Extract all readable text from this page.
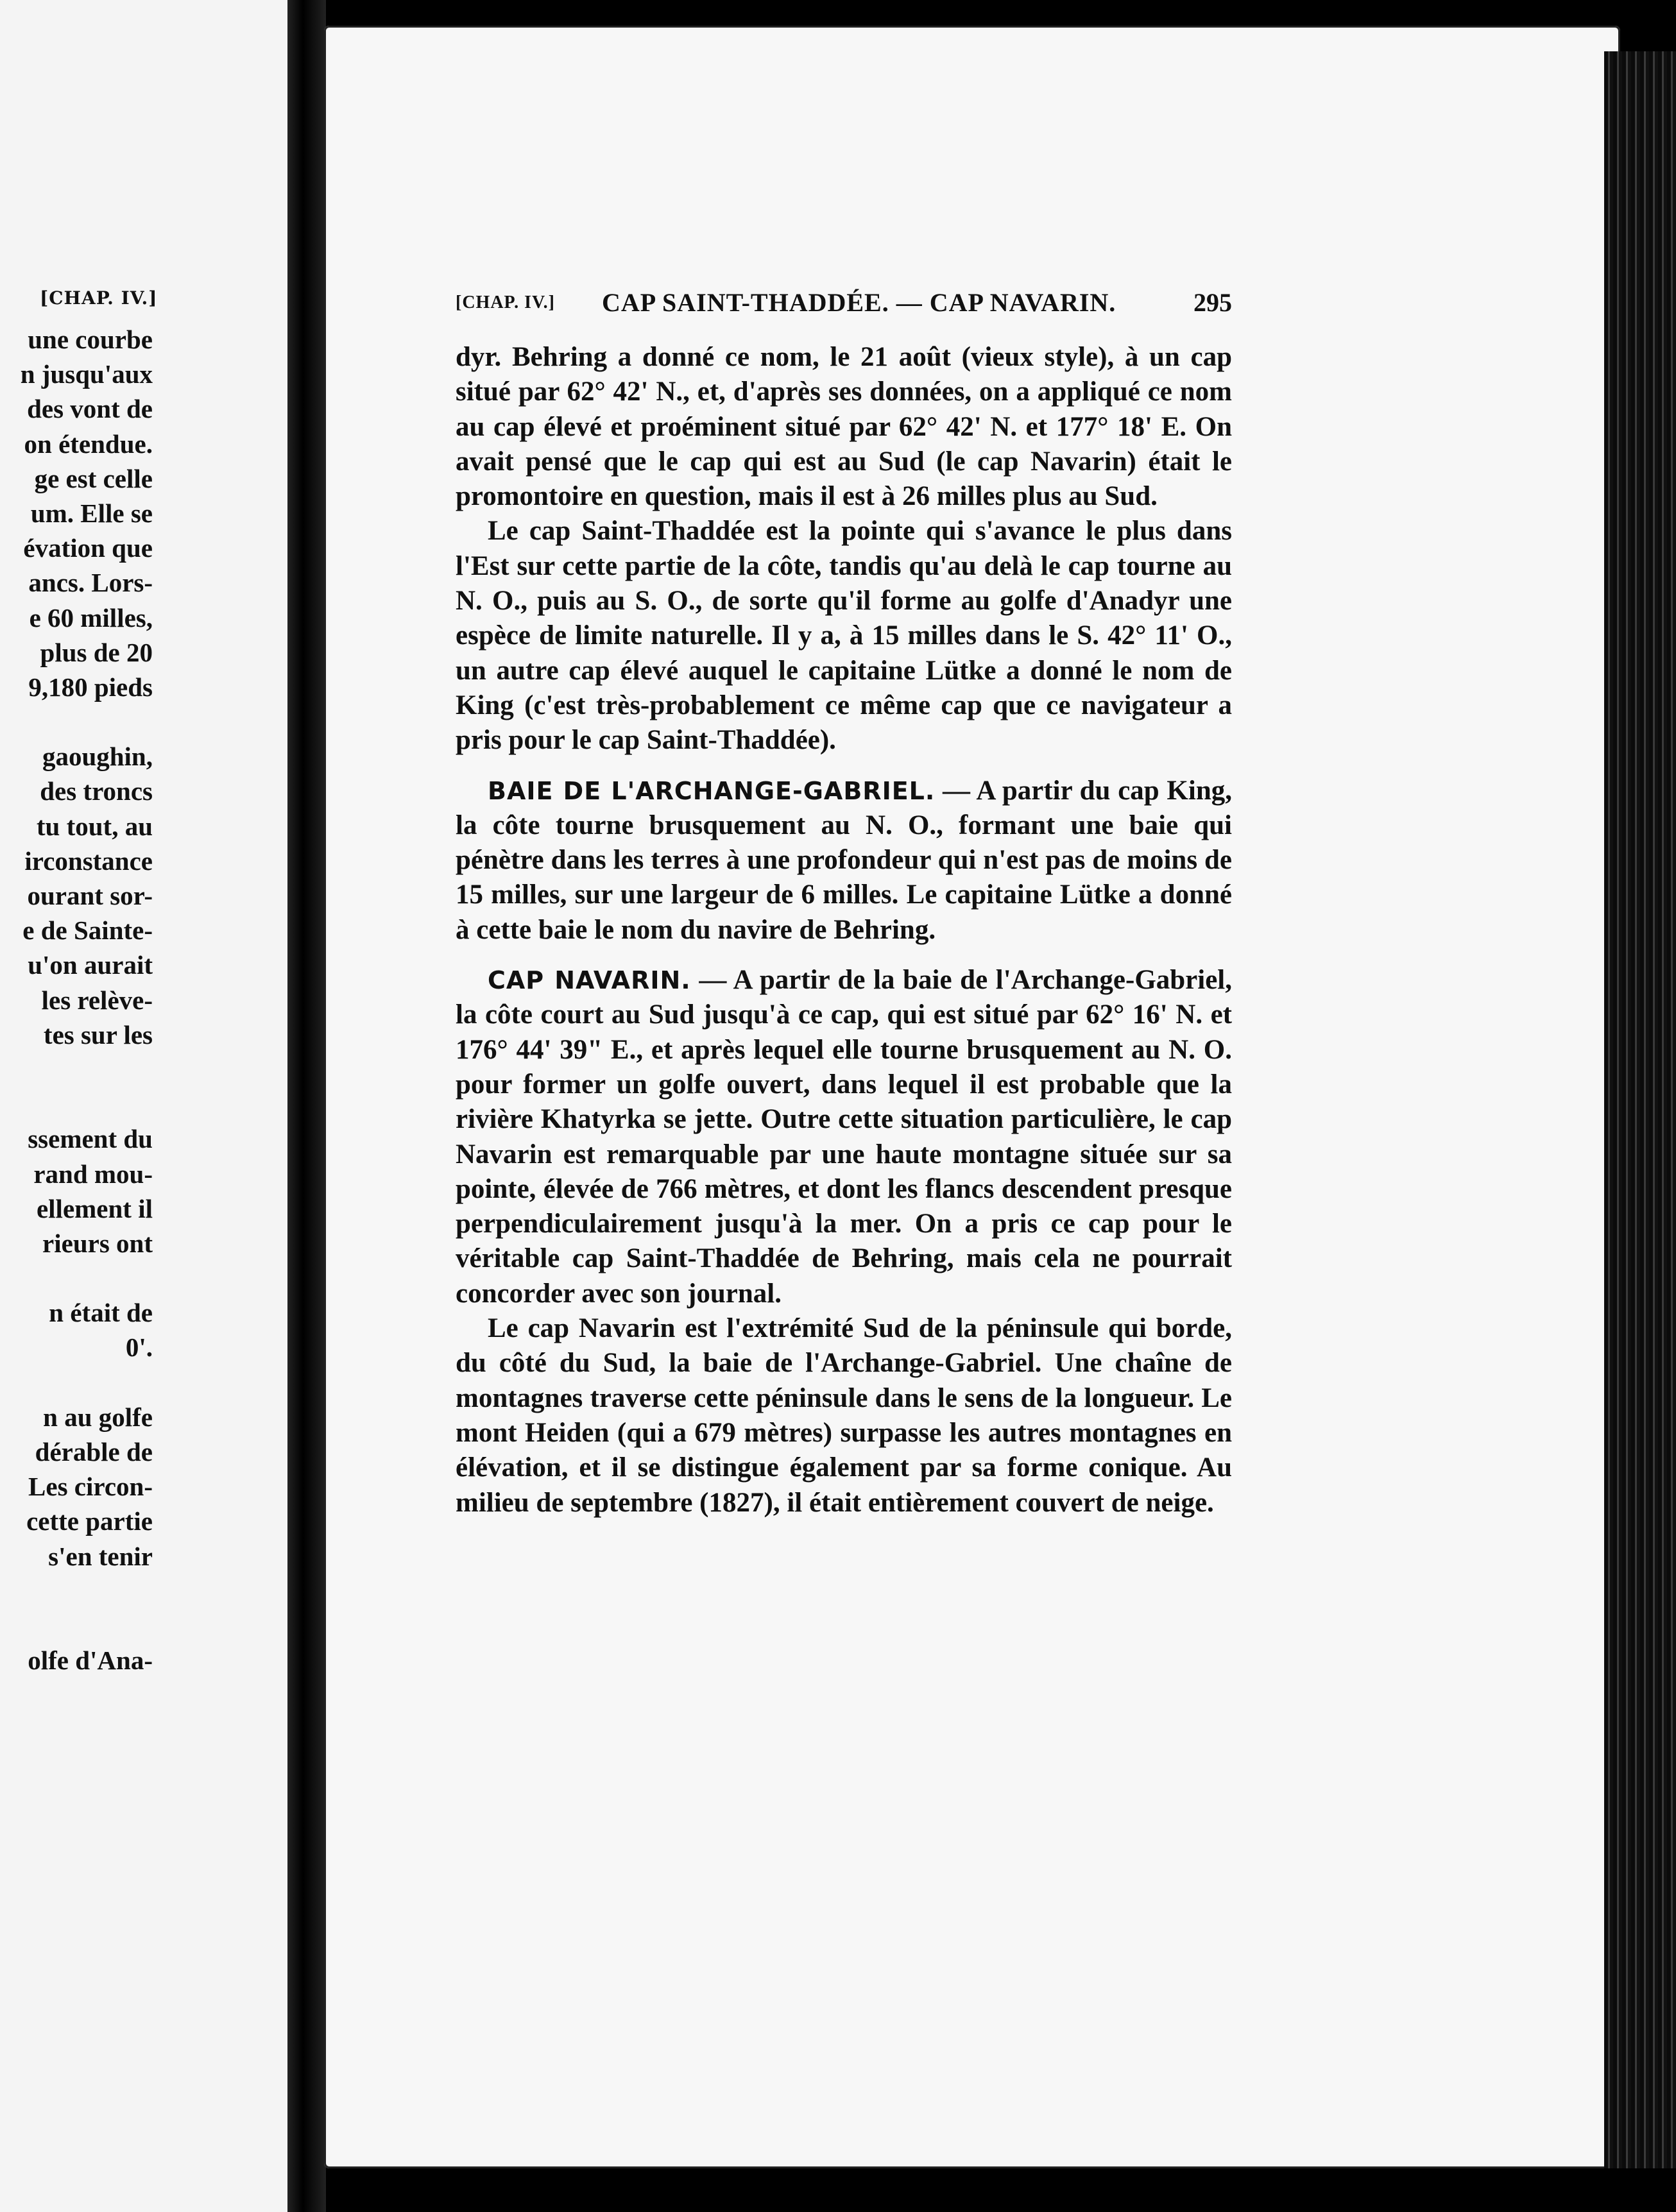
[CHAP. IV.]
une courbe
n jusqu'aux
des vont de
on étendue.
ge est celle
um. Elle se
évation que
ancs. Lors-
e 60 milles,
plus de 20
9,180 pieds
gaoughin,
des troncs
tu tout, au
irconstance
ourant sor-
e de Sainte-
u'on aurait
les relève-
tes sur les
ssement du
rand mou-
ellement il
rieurs ont
n était de
0'.
n au golfe
dérable de
Les circon-
cette partie
s'en tenir
olfe d'Ana-
[CHAP. IV.] CAP SAINT-THADDÉE. — CAP NAVARIN.	295

dyr. Behring a donné ce nom, le 21 août (vieux style), à un cap situé par 62° 42' N., et, d'après ses données, on a appliqué ce nom au cap élevé et proéminent situé par 62° 42' N. et 177° 18' E. On avait pensé que le cap qui est au Sud (le cap Navarin) était le promontoire en question, mais il est à 26 milles plus au Sud.

Le cap Saint-Thaddée est la pointe qui s'avance le plus dans l'Est sur cette partie de la côte, tandis qu'au delà le cap tourne au N. O., puis au S. O., de sorte qu'il forme au golfe d'Anadyr une espèce de limite naturelle. Il y a, à 15 milles dans le S. 42° 11' O., un autre cap élevé auquel le capitaine Lütke a donné le nom de King (c'est très-probablement ce même cap que ce navigateur a pris pour le cap Saint-Thaddée).

BAIE DE L'ARCHANGE-GABRIEL. — A partir du cap King, la côte tourne brusquement au N. O., formant une baie qui pénètre dans les terres à une profondeur qui n'est pas de moins de 15 milles, sur une largeur de 6 milles. Le capitaine Lütke a donné à cette baie le nom du navire de Behring.

CAP NAVARIN. — A partir de la baie de l'Archange-Gabriel, la côte court au Sud jusqu'à ce cap, qui est situé par 62° 16' N. et 176° 44' 39" E., et après lequel elle tourne brusquement au N. O. pour former un golfe ouvert, dans lequel il est probable que la rivière Khatyrka se jette. Outre cette situation particulière, le cap Navarin est remarquable par une haute montagne située sur sa pointe, élevée de 766 mètres, et dont les flancs descendent presque perpendiculairement jusqu'à la mer. On a pris ce cap pour le véritable cap Saint-Thaddée de Behring, mais cela ne pourrait concorder avec son journal.

Le cap Navarin est l'extrémité Sud de la péninsule qui borde, du côté du Sud, la baie de l'Archange-Gabriel. Une chaîne de montagnes traverse cette péninsule dans le sens de la longueur. Le mont Heiden (qui a 679 mètres) surpasse les autres montagnes en élévation, et il se distingue également par sa forme conique. Au milieu de septembre (1827), il était entièrement couvert de neige.
